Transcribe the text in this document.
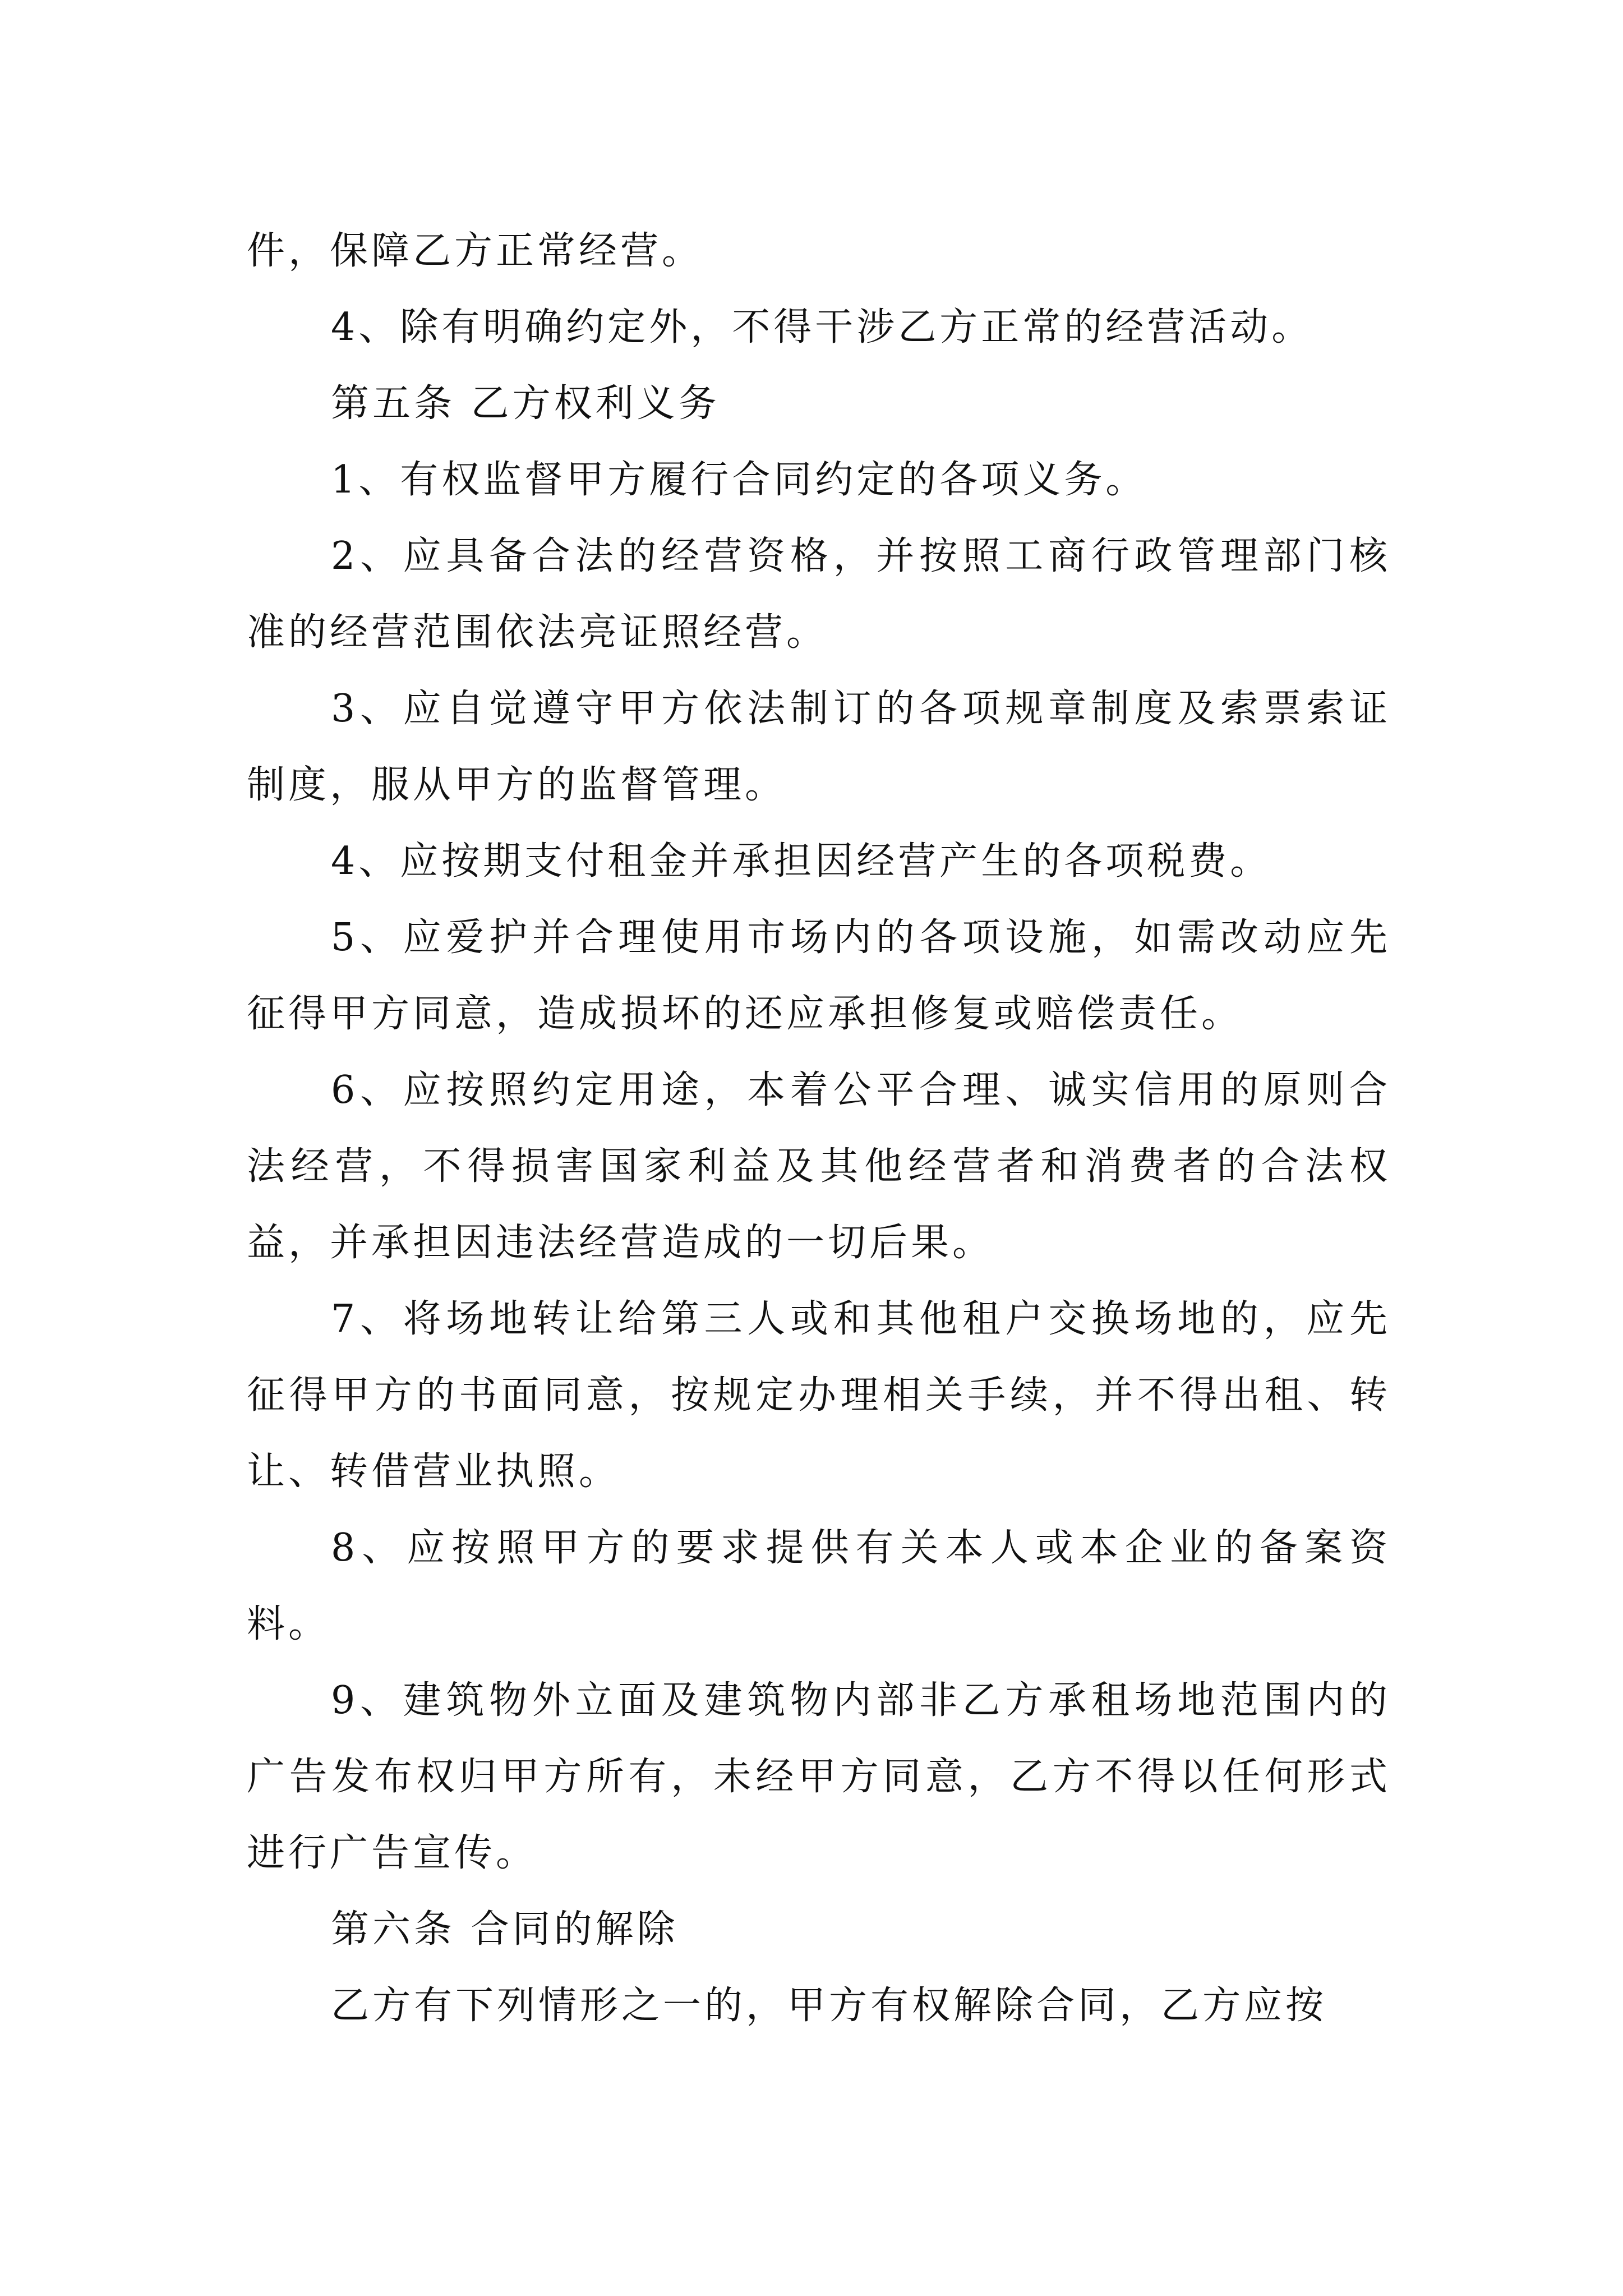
件，保障乙方正常经营。

4、除有明确约定外，不得干涉乙方正常的经营活动。

第五条 乙方权利义务

1、有权监督甲方履行合同约定的各项义务。

2、应具备合法的经营资格，并按照工商行政管理部门核准的经营范围依法亮证照经营。

3、应自觉遵守甲方依法制订的各项规章制度及索票索证制度，服从甲方的监督管理。

4、应按期支付租金并承担因经营产生的各项税费。

5、应爱护并合理使用市场内的各项设施，如需改动应先征得甲方同意，造成损坏的还应承担修复或赔偿责任。

6、应按照约定用途，本着公平合理、诚实信用的原则合法经营，不得损害国家利益及其他经营者和消费者的合法权益，并承担因违法经营造成的一切后果。

7、将场地转让给第三人或和其他租户交换场地的，应先征得甲方的书面同意，按规定办理相关手续，并不得出租、转让、转借营业执照。

8、应按照甲方的要求提供有关本人或本企业的备案资料。

9、建筑物外立面及建筑物内部非乙方承租场地范围内的广告发布权归甲方所有，未经甲方同意，乙方不得以任何形式进行广告宣传。

第六条 合同的解除

乙方有下列情形之一的，甲方有权解除合同，乙方应按
